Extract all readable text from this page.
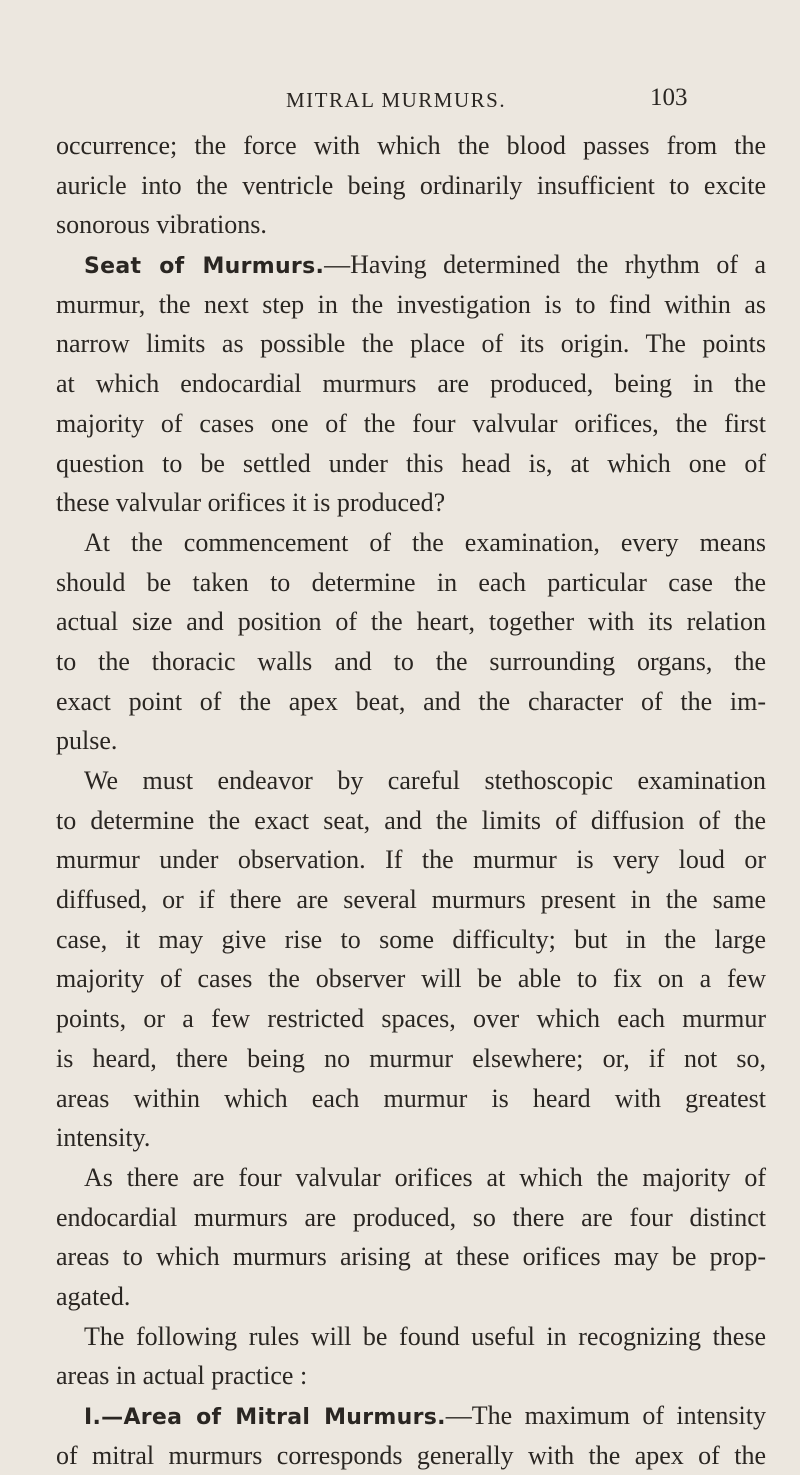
MITRAL MURMURS.	103
occurrence; the force with which the blood passes from the
auricle into the ventricle being ordinarily insufficient to excite
sonorous vibrations.
Seat of Murmurs.—Having determined the rhythm of a
murmur, the next step in the investigation is to find within as
narrow limits as possible the place of its origin. The points
at which endocardial murmurs are produced, being in the
majority of cases one of the four valvular orifices, the first
question to be settled under this head is, at which one of
these valvular orifices it is produced?
At the commencement of the examination, every means
should be taken to determine in each particular case the
actual size and position of the heart, together with its relation
to the thoracic walls and to the surrounding organs, the
exact point of the apex beat, and the character of the im-
pulse.
We must endeavor by careful stethoscopic examination
to determine the exact seat, and the limits of diffusion of the
murmur under observation. If the murmur is very loud or
diffused, or if there are several murmurs present in the same
case, it may give rise to some difficulty; but in the large
majority of cases the observer will be able to fix on a few
points, or a few restricted spaces, over which each murmur
is heard, there being no murmur elsewhere; or, if not so,
areas within which each murmur is heard with greatest
intensity.
As there are four valvular orifices at which the majority of
endocardial murmurs are produced, so there are four distinct
areas to which murmurs arising at these orifices may be prop-
agated.
The following rules will be found useful in recognizing these
areas in actual practice :
I.—Area of Mitral Murmurs.—The maximum of intensity
of mitral murmurs corresponds generally with the apex of the
